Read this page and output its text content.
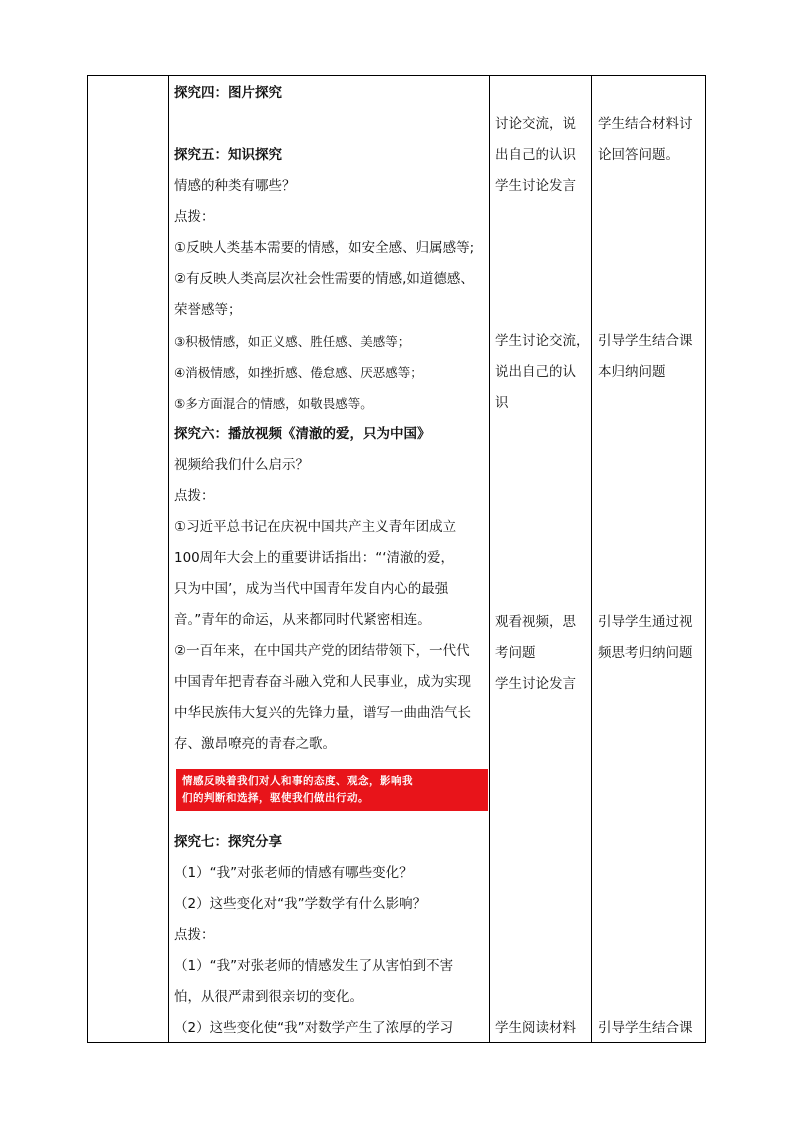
探究四：图片探究
探究五：知识探究
情感的种类有哪些？
点拨：
①反映人类基本需要的情感，如安全感、归属感等;
②有反映人类高层次社会性需要的情感,如道德感、
荣誉感等；
③积极情感，如正义感、胜任感、美感等；
④消极情感，如挫折感、倦怠感、厌恶感等；
⑤多方面混合的情感，如敬畏感等。
探究六：播放视频《清澈的爱，只为中国》
视频给我们什么启示？
点拨：
①习近平总书记在庆祝中国共产主义青年团成立
100周年大会上的重要讲话指出：“‘清澈的爱，
只为中国’，成为当代中国青年发自内心的最强
音。”青年的命运，从来都同时代紧密相连。
②一百年来，在中国共产党的团结带领下，一代代
中国青年把青春奋斗融入党和人民事业，成为实现
中华民族伟大复兴的先锋力量，谱写一曲曲浩气长
存、激昂嘹亮的青春之歌。
情感反映着我们对人和事的态度、观念，影响我
们的判断和选择，驱使我们做出行动。
探究七：探究分享
（1）“我”对张老师的情感有哪些变化？
（2）这些变化对“我”学数学有什么影响？
点拨：
（1）“我”对张老师的情感发生了从害怕到不害
怕，从很严肃到很亲切的变化。
（2）这些变化使“我”对数学产生了浓厚的学习
讨论交流，说
出自己的认识
学生讨论发言
学生讨论交流，
说出自己的认
识
观看视频，思
考问题
学生讨论发言
学生阅读材料
学生结合材料讨
论回答问题。
引导学生结合课
本归纳问题
引导学生通过视
频思考归纳问题
引导学生结合课
